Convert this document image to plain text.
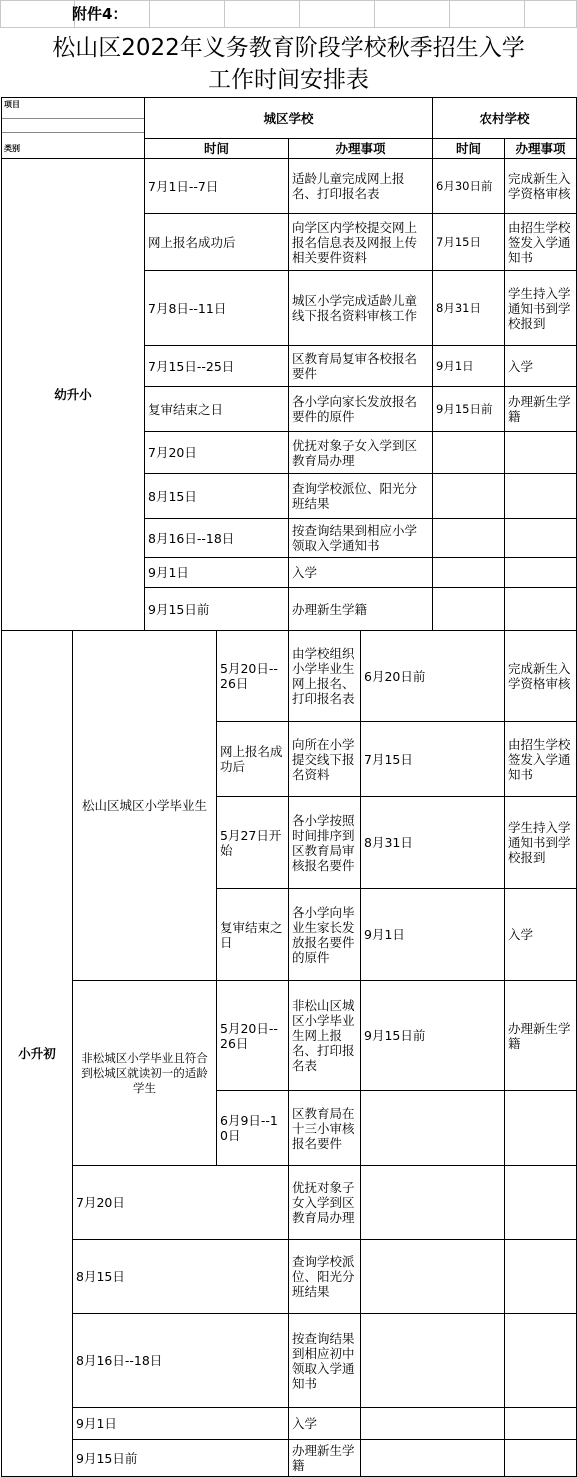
附件4：
松山区2022年义务教育阶段学校秋季招生入学
工作时间安排表
项目
类别		城区学校				农村学校	
		时间		办理事项		时间	办理事项
幼升小		7月1日--7日		适龄儿童完成网上报名、打印报名表		6月30日前	完成新生入学资格审核
		网上报名成功后		向学区内学校提交网上报名信息表及网报上传相关要件资料		7月15日	由招生学校签发入学通知书
		7月8日--11日		城区小学完成适龄儿童线下报名资料审核工作		8月31日	学生持入学通知书到学校报到
		7月15日--25日		区教育局复审各校报名要件		9月1日	入学
		复审结束之日		各小学向家长发放报名要件的原件		9月15日前	办理新生学籍
		7月20日		优抚对象子女入学到区教育局办理			
		8月15日		查询学校派位、阳光分班结果			
		8月16日--18日		按查询结果到相应小学领取入学通知书			
		9月1日		入学			
		9月15日前		办理新生学籍			
小升初	松山区城区小学毕业生		5月20日--26日	由学校组织小学毕业生网上报名、打印报名表	6月20日前		完成新生入学资格审核
			网上报名成功后	向所在小学提交线下报名资料	7月15日		由招生学校签发入学通知书
			5月27日开始	各小学按照时间排序到区教育局审核报名要件	8月31日		学生持入学通知书到学校报到
			复审结束之日	各小学向毕业生家长发放报名要件的原件	9月1日		入学
	非松城区小学毕业且符合到松城区就读初一的适龄学生		5月20日--26日	非松山区城区小学毕业生网上报名、打印报名表	9月15日前		办理新生学籍
			6月9日--10日	区教育局在十三小审核报名要件			
	7月20日			优抚对象子女入学到区教育局办理			
	8月15日			查询学校派位、阳光分班结果			
	8月16日--18日			按查询结果到相应初中领取入学通知书			
	9月1日			入学			
	9月15日前			办理新生学籍			
